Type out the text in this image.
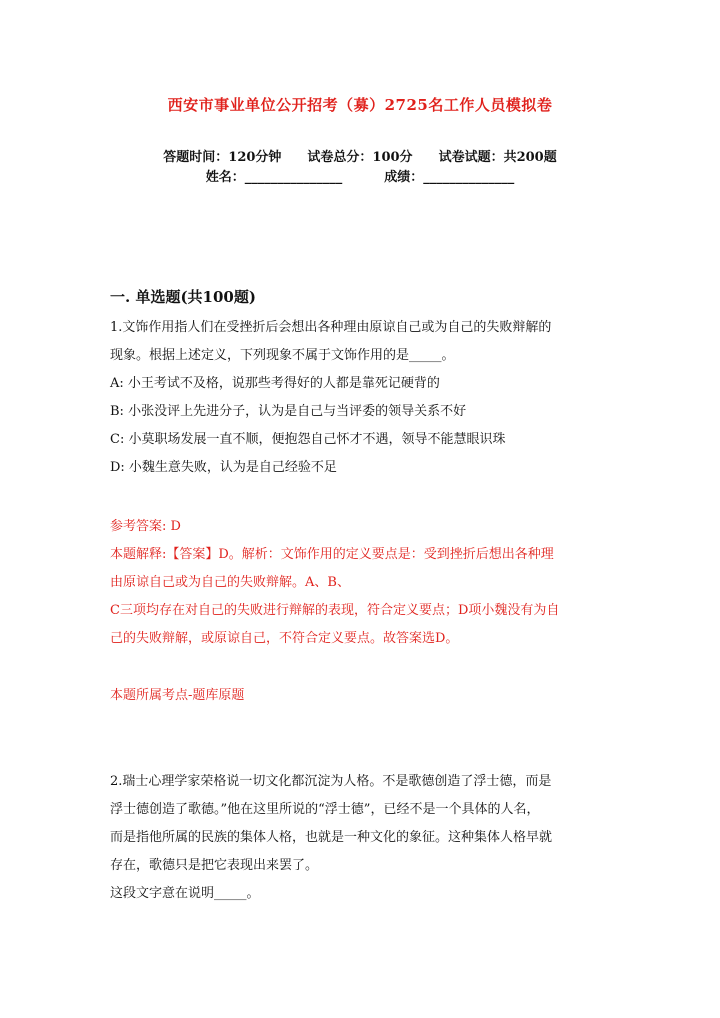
西安市事业单位公开招考（募）2725名工作人员模拟卷
答题时间：120分钟 试卷总分：100分 试卷试题：共200题
姓名：_______________	成绩：______________
一. 单选题(共100题)
1.文饰作用指人们在受挫折后会想出各种理由原谅自己或为自己的失败辩解的
现象。根据上述定义，下列现象不属于文饰作用的是_____。
A: 小王考试不及格，说那些考得好的人都是靠死记硬背的
B: 小张没评上先进分子，认为是自己与当评委的领导关系不好
C: 小莫职场发展一直不顺，便抱怨自己怀才不遇，领导不能慧眼识珠
D: 小魏生意失败，认为是自己经验不足
参考答案: D
本题解释:【答案】D。解析：文饰作用的定义要点是：受到挫折后想出各种理
由原谅自己或为自己的失败辩解。A、B、
C三项均存在对自己的失败进行辩解的表现，符合定义要点；D项小魏没有为自
己的失败辩解，或原谅自己，不符合定义要点。故答案选D。
本题所属考点-题库原题
2.瑞士心理学家荣格说一切文化都沉淀为人格。不是歌德创造了浮士德，而是
浮士德创造了歌德。”他在这里所说的“浮士德”，已经不是一个具体的人名，
而是指他所属的民族的集体人格，也就是一种文化的象征。这种集体人格早就
存在，歌德只是把它表现出来罢了。
这段文字意在说明_____。
